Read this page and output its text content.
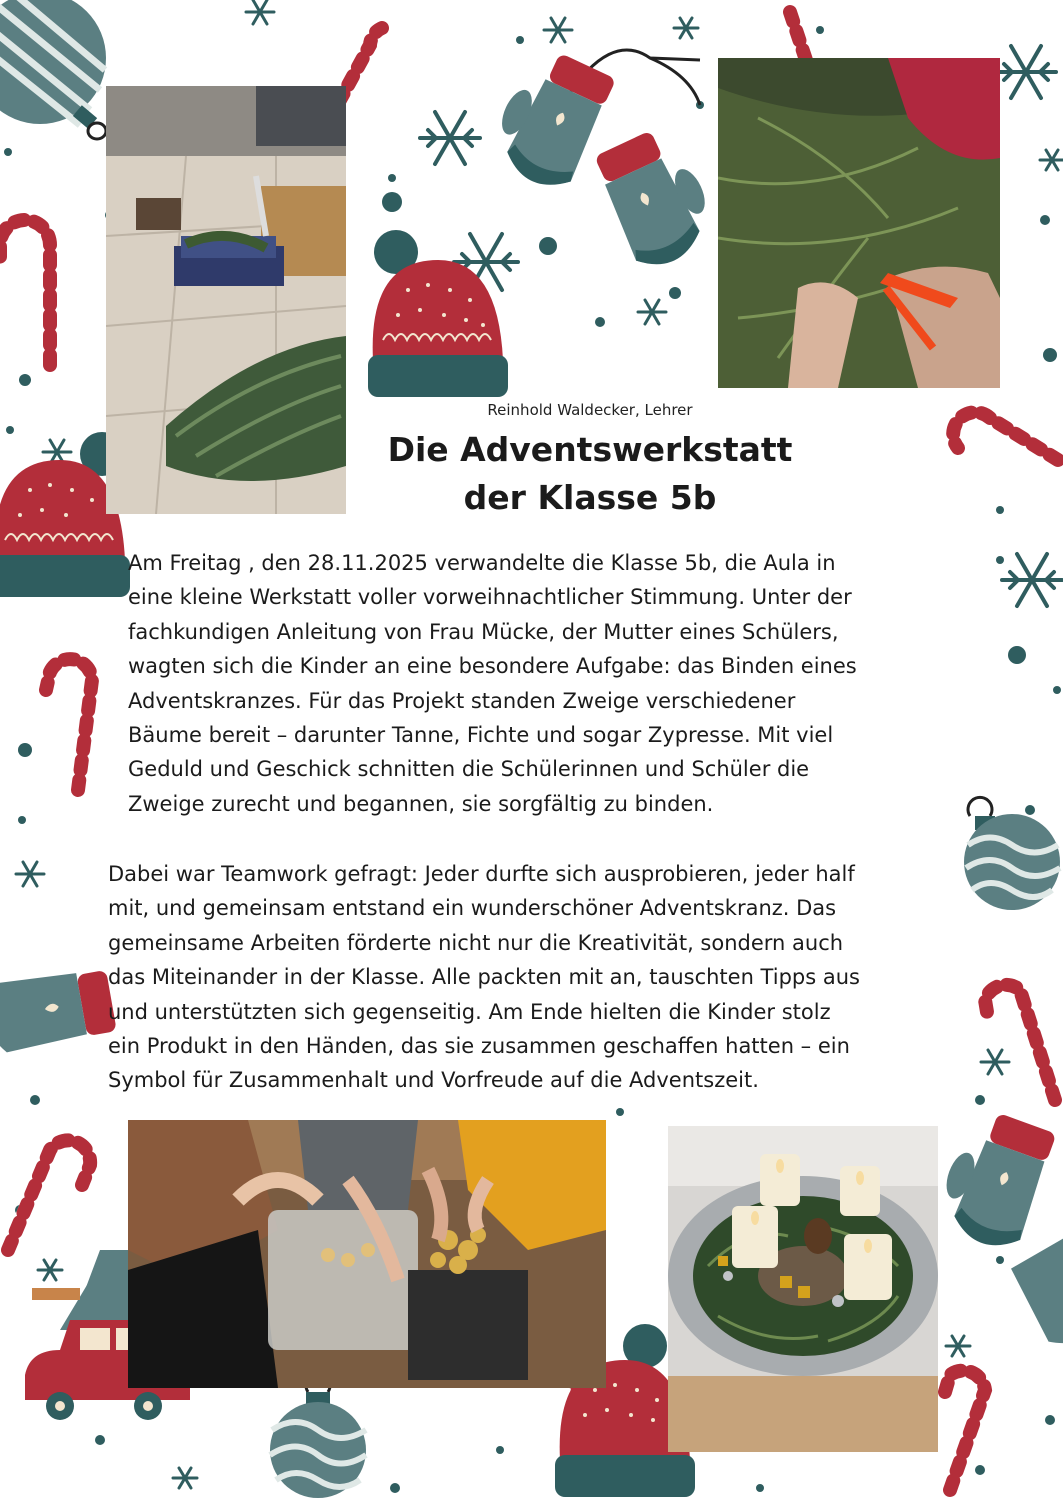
Reinhold Waldecker, Lehrer
Die Adventswerkstatt
der Klasse 5b

Am Freitag , den 28.11.2025 verwandelte die Klasse 5b, die Aula in
eine kleine Werkstatt voller vorweihnachtlicher Stimmung. Unter der
fachkundigen Anleitung von Frau Mücke, der Mutter eines Schülers,
wagten sich die Kinder an eine besondere Aufgabe: das Binden eines
Adventskranzes. Für das Projekt standen Zweige verschiedener
Bäume bereit – darunter Tanne, Fichte und sogar Zypresse. Mit viel
Geduld und Geschick schnitten die Schülerinnen und Schüler die
Zweige zurecht und begannen, sie sorgfältig zu binden.

Dabei war Teamwork gefragt: Jeder durfte sich ausprobieren, jeder half
mit, und gemeinsam entstand ein wunderschöner Adventskranz. Das
gemeinsame Arbeiten förderte nicht nur die Kreativität, sondern auch
das Miteinander in der Klasse. Alle packten mit an, tauschten Tipps aus
und unterstützten sich gegenseitig. Am Ende hielten die Kinder stolz
ein Produkt in den Händen, das sie zusammen geschaffen hatten – ein
Symbol für Zusammenhalt und Vorfreude auf die Adventszeit.
